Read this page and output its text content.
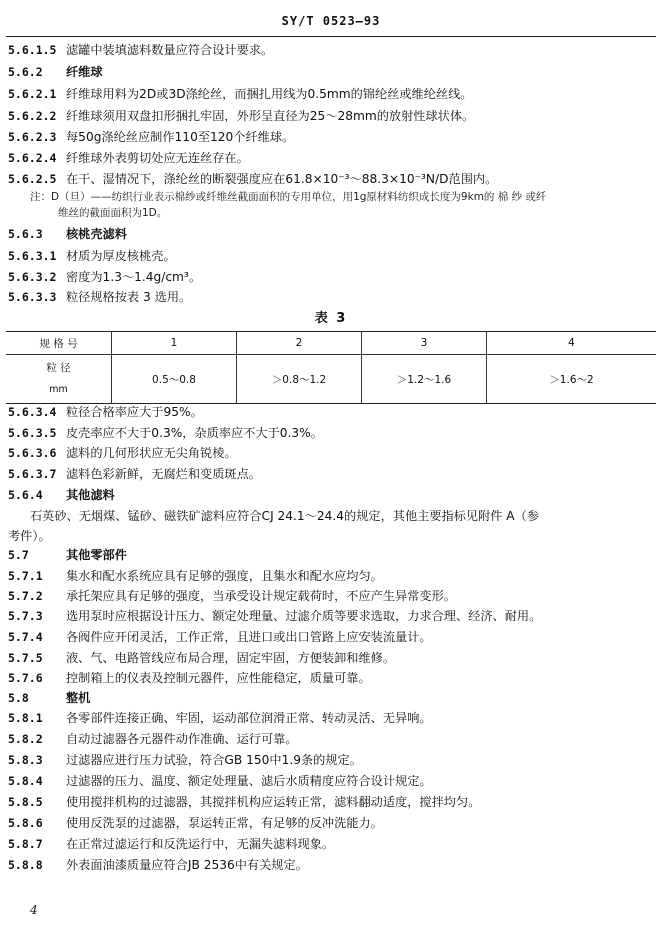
SY/T 0523—93
5.6.1.5 滤罐中装填滤料数量应符合设计要求。
5.6.2 纤维球
5.6.2.1 纤维球用料为2D或3D涤纶丝，而捆扎用线为0.5mm的锦纶丝或维纶丝线。
5.6.2.2 纤维球须用双盘扣形捆扎牢固，外形呈直径为25～28mm的放射性球状体。
5.6.2.3 每50g涤纶丝应制作110至120个纤维球。
5.6.2.4 纤维球外表剪切处应无连丝存在。
5.6.2.5 在干、湿情况下，涤纶丝的断裂强度应在61.8×10⁻³～88.3×10⁻³N/D范围内。
注：D（旦）——纺织行业表示棉纱或纤维丝截面面积的专用单位，用1g原材料纺织成长度为9km的 棉 纱 或纤
维丝的截面面积为1D。
5.6.3 核桃壳滤料
5.6.3.1 材质为厚皮核桃壳。
5.6.3.2 密度为1.3～1.4g/cm³。
5.6.3.3 粒径规格按表 3 选用。
表 3
规 格 号	1	2	3	4
粒 径
mm	0.5～0.8	＞0.8～1.2	＞1.2～1.6	＞1.6～2
5.6.3.4 粒径合格率应大于95%。
5.6.3.5 皮壳率应不大于0.3%，杂质率应不大于0.3%。
5.6.3.6 滤料的几何形状应无尖角锐棱。
5.6.3.7 滤料色彩新鲜，无腐烂和变质斑点。
5.6.4 其他滤料
石英砂、无烟煤、锰砂、磁铁矿滤料应符合CJ 24.1～24.4的规定，其他主要指标见附件 A（参
考件）。
5.7	其他零部件
5.7.1 集水和配水系统应具有足够的强度，且集水和配水应均匀。
5.7.2 承托架应具有足够的强度，当承受设计规定载荷时，不应产生异常变形。
5.7.3 选用泵时应根据设计压力、额定处理量、过滤介质等要求选取，力求合理、经济、耐用。
5.7.4 各阀件应开闭灵活，工作正常，且进口或出口管路上应安装流量计。
5.7.5 液、气、电路管线应布局合理，固定牢固，方便装卸和维修。
5.7.6 控制箱上的仪表及控制元器件，应性能稳定，质量可靠。
5.8	整机
5.8.1 各零部件连接正确、牢固，运动部位润滑正常、转动灵活、无异响。
5.8.2 自动过滤器各元器件动作准确、运行可靠。
5.8.3 过滤器应进行压力试验，符合GB 150中1.9条的规定。
5.8.4 过滤器的压力、温度、额定处理量、滤后水质精度应符合设计规定。
5.8.5 使用搅拌机构的过滤器，其搅拌机构应运转正常，滤料翻动适度，搅拌均匀。
5.8.6 使用反洗泵的过滤器，泵运转正常，有足够的反冲洗能力。
5.8.7 在正常过滤运行和反洗运行中，无漏失滤料现象。
5.8.8 外表面油漆质量应符合JB 2536中有关规定。
4
